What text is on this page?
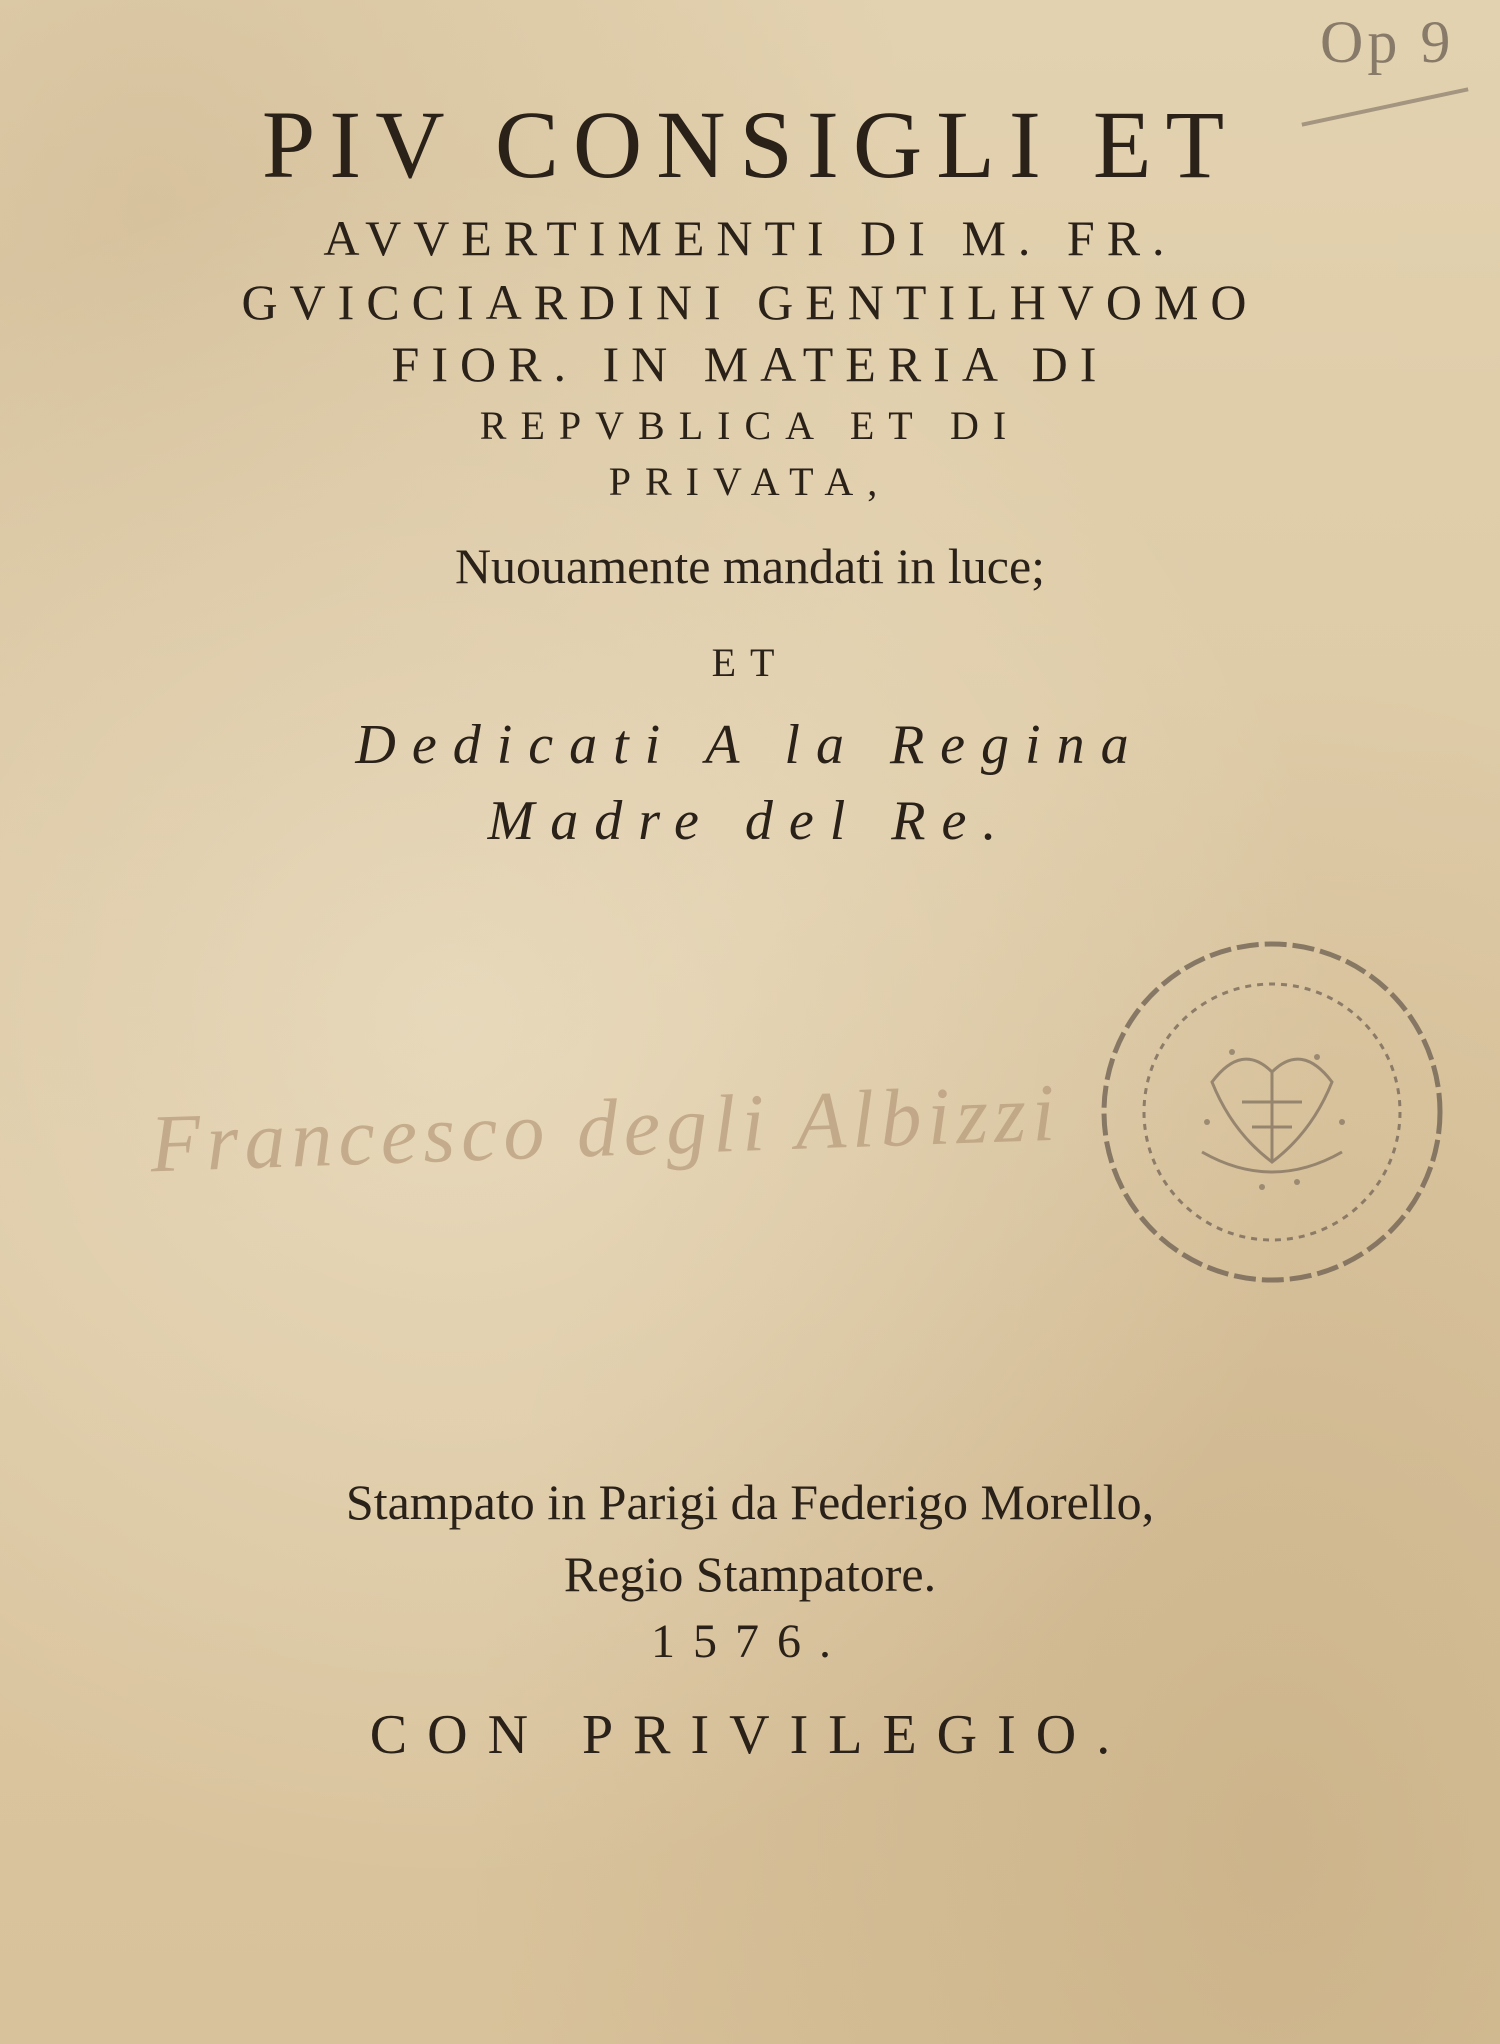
Op 9
PIV CONSIGLI ET

AVVERTIMENTI DI M. FR.

GVICCIARDINI GENTILHVOMO

FIOR. IN MATERIA DI

REPVBLICA ET DI

PRIVATA,

Nuouamente mandati in luce;

ET

Dedicati A la Regina

Madre del Re.

Francesco degli Albizzi

Stampato in Parigi da Federigo Morello,

Regio Stampatore.

1576.

CON PRIVILEGIO.
